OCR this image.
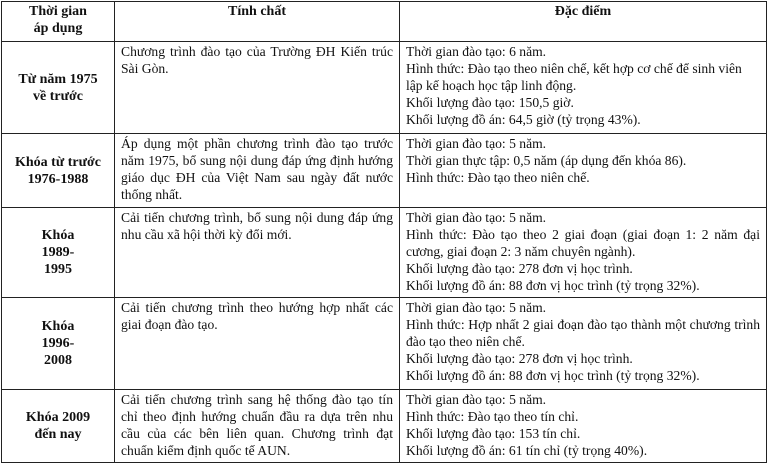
Thời gian áp dụng	Tính chất	Đặc điểm
Từ năm 1975 về trước	Chương trình đào tạo của Trường ĐH Kiến trúc Sài Gòn.	Thời gian đào tạo: 6 năm.
Hình thức: Đào tạo theo niên chế, kết hợp cơ chế để sinh viên lập kế hoạch học tập linh động.
Khối lượng đào tạo: 150,5 giờ.
Khối lượng đồ án: 64,5 giờ (tỷ trọng 43%).

Khóa từ trước 1976-1988	Áp dụng một phần chương trình đào tạo trước năm 1975, bổ sung nội dung đáp ứng định hướng giáo dục ĐH của Việt Nam sau ngày đất nước thống nhất.	Thời gian đào tạo: 5 năm.
Thời gian thực tập: 0,5 năm (áp dụng đến khóa 86).
Hình thức: Đào tạo theo niên chế.

Khóa 1989-1995	Cải tiến chương trình, bổ sung nội dung đáp ứng nhu cầu xã hội thời kỳ đổi mới.	Thời gian đào tạo: 5 năm.
Hình thức: Đào tạo theo 2 giai đoạn (giai đoạn 1: 2 năm đại cương, giai đoạn 2: 3 năm chuyên ngành).
Khối lượng đào tạo: 278 đơn vị học trình.
Khối lượng đồ án: 88 đơn vị học trình (tỷ trọng 32%).

Khóa 1996-2008	Cải tiến chương trình theo hướng hợp nhất các giai đoạn đào tạo.	Thời gian đào tạo: 5 năm.
Hình thức: Hợp nhất 2 giai đoạn đào tạo thành một chương trình đào tạo theo niên chế.
Khối lượng đào tạo: 278 đơn vị học trình.
Khối lượng đồ án: 88 đơn vị học trình (tỷ trọng 32%).

Khóa 2009 đến nay	Cải tiến chương trình sang hệ thống đào tạo tín chỉ theo định hướng chuẩn đầu ra dựa trên nhu cầu của các bên liên quan. Chương trình đạt chuẩn kiểm định quốc tế AUN.	Thời gian đào tạo: 5 năm.
Hình thức: Đào tạo theo tín chỉ.
Khối lượng đào tạo: 153 tín chỉ.
Khối lượng đồ án: 61 tín chỉ (tỷ trọng 40%).
